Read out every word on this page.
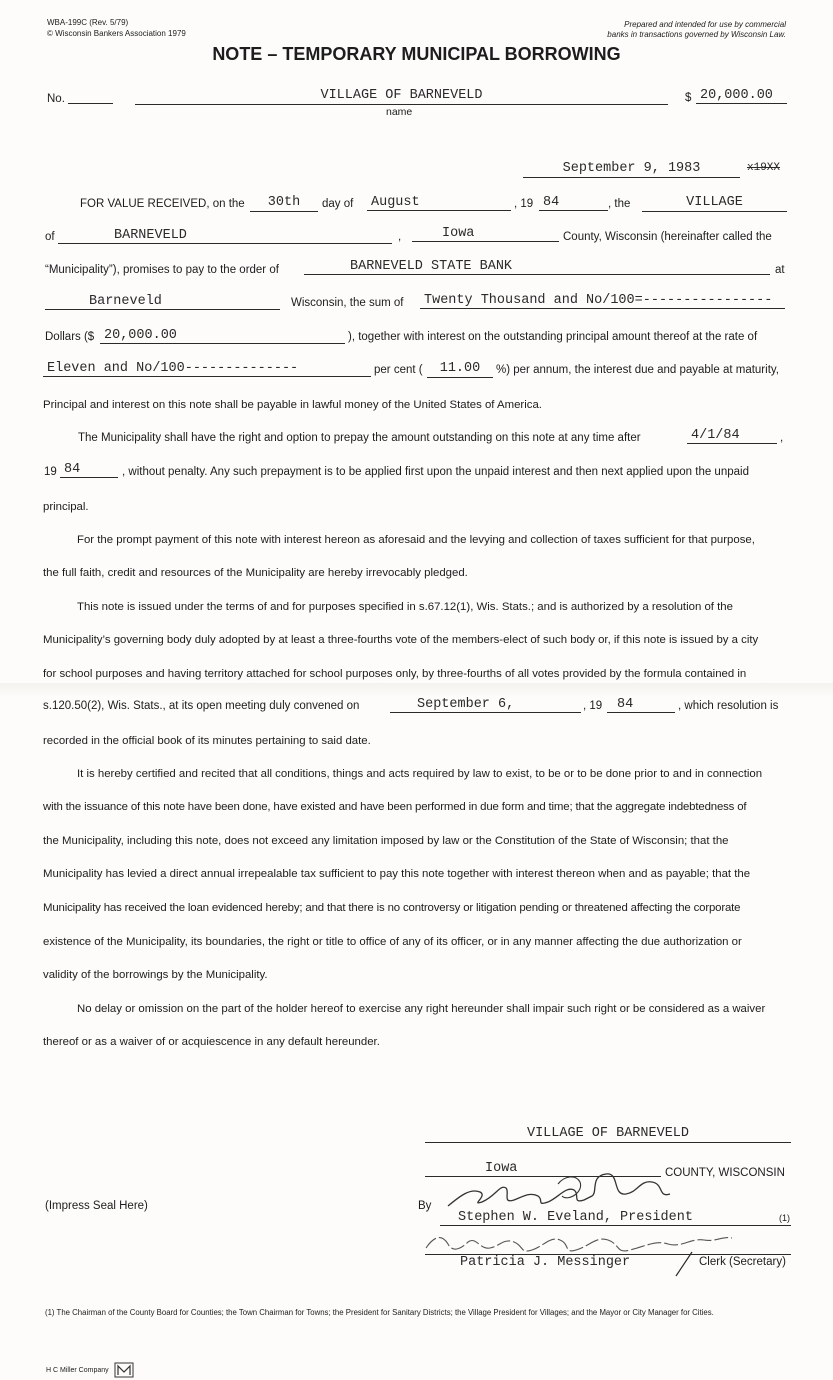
WBA-199C (Rev. 5/79)
© Wisconsin Bankers Association 1979
Prepared and intended for use by commercial
banks in transactions governed by Wisconsin Law.
NOTE – TEMPORARY MUNICIPAL BORROWING
No.	VILLAGE OF BARNEVELD
name
$ 20,000.00
September 9, 1983	x19XX
FOR VALUE RECEIVED, on the	30th	day of August	, 19 84	, the	VILLAGE
of	BARNEVELD	,	Iowa	County, Wisconsin (hereinafter called the
“Municipality”), promises to pay to the order of	BARNEVELD STATE BANK	at
Barneveld	Wisconsin, the sum of Twenty Thousand and No/100=----------------
Dollars ($ 20,000.00	), together with interest on the outstanding principal amount thereof at the rate of
Eleven and No/100--------------	per cent (	11.00	%) per annum, the interest due and payable at maturity,
Principal and interest on this note shall be payable in lawful money of the United States of America.
The Municipality shall have the right and option to prepay the amount outstanding on this note at any time after	4/1/84	,
19 84	, without penalty. Any such prepayment is to be applied first upon the unpaid interest and then next applied upon the unpaid
principal.
For the prompt payment of this note with interest hereon as aforesaid and the levying and collection of taxes sufficient for that purpose,
the full faith, credit and resources of the Municipality are hereby irrevocably pledged.
This note is issued under the terms of and for purposes specified in s.67.12(1), Wis. Stats.; and is authorized by a resolution of the
Municipality’s governing body duly adopted by at least a three-fourths vote of the members-elect of such body or, if this note is issued by a city
for school purposes and having territory attached for school purposes only, by three-fourths of all votes provided by the formula contained in
s.120.50(2), Wis. Stats., at its open meeting duly convened on	September 6,	, 19	84	, which resolution is
recorded in the official book of its minutes pertaining to said date.
It is hereby certified and recited that all conditions, things and acts required by law to exist, to be or to be done prior to and in connection
with the issuance of this note have been done, have existed and have been performed in due form and time; that the aggregate indebtedness of
the Municipality, including this note, does not exceed any limitation imposed by law or the Constitution of the State of Wisconsin; that the
Municipality has levied a direct annual irrepealable tax sufficient to pay this note together with interest thereon when and as payable; that the
Municipality has received the loan evidenced hereby; and that there is no controversy or litigation pending or threatened affecting the corporate
existence of the Municipality, its boundaries, the right or title to office of any of its officer, or in any manner affecting the due authorization or
validity of the borrowings by the Municipality.
No delay or omission on the part of the holder hereof to exercise any right hereunder shall impair such right or be considered as a waiver
thereof or as a waiver of or acquiescence in any default hereunder.
VILLAGE OF BARNEVELD
Iowa	COUNTY, WISCONSIN
(Impress Seal Here)	By
Stephen W. Eveland, President	(1)
Patricia J. Messinger	Clerk (Secretary)
(1) The Chairman of the County Board for Counties; the Town Chairman for Towns; the President for Sanitary Districts; the Village President for Villages; and the Mayor or City Manager for Cities.
H C Miller Company
